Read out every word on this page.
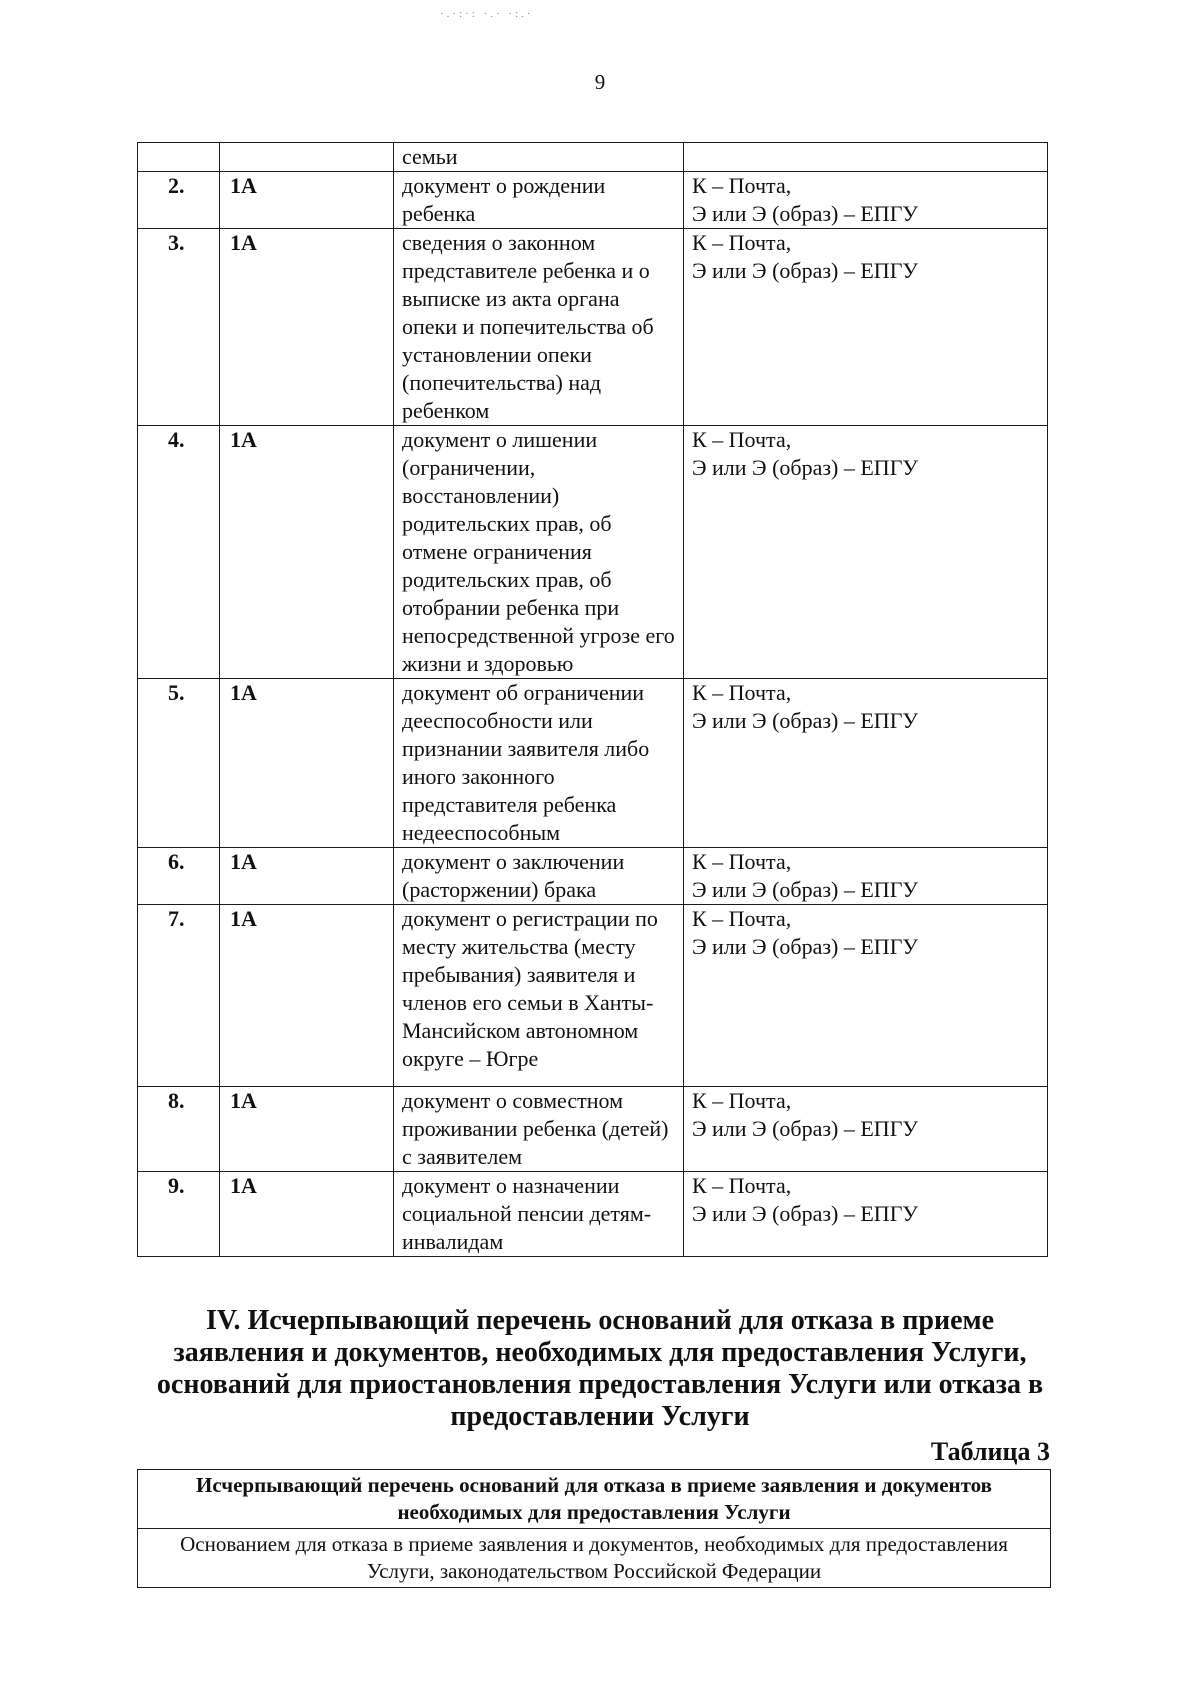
·.·:·: ·.· ·:.·
9
		семьи	
2.	1А	документ о рождении ребенка	К – Почта,
Э или Э (образ) – ЕПГУ
3.	1А	сведения о законном представителе ребенка и о выписке из акта органа опеки и попечительства об установлении опеки (попечительства) над ребенком	К – Почта,
Э или Э (образ) – ЕПГУ
4.	1А	документ о лишении (ограничении, восстановлении) родительских прав, об отмене ограничения родительских прав, об отобрании ребенка при непосредственной угрозе его жизни и здоровью	К – Почта,
Э или Э (образ) – ЕПГУ
5.	1А	документ об ограничении дееспособности или признании заявителя либо иного законного представителя ребенка недееспособным	К – Почта,
Э или Э (образ) – ЕПГУ
6.	1А	документ о заключении (расторжении) брака	К – Почта,
Э или Э (образ) – ЕПГУ
7.	1А	документ о регистрации по месту жительства (месту пребывания) заявителя и членов его семьи в Ханты-Мансийском автономном округе – Югре	К – Почта,
Э или Э (образ) – ЕПГУ
8.	1А	документ о совместном проживании ребенка (детей) с заявителем	К – Почта,
Э или Э (образ) – ЕПГУ
9.	1А	документ о назначении социальной пенсии детям-инвалидам	К – Почта,
Э или Э (образ) – ЕПГУ
IV. Исчерпывающий перечень оснований для отказа в приеме заявления и документов, необходимых для предоставления Услуги, оснований для приостановления предоставления Услуги или отказа в предоставлении Услуги
Таблица 3
Исчерпывающий перечень оснований для отказа в приеме заявления и документов необходимых для предоставления Услуги
Основанием для отказа в приеме заявления и документов, необходимых для предоставления Услуги, законодательством Российской Федерации
